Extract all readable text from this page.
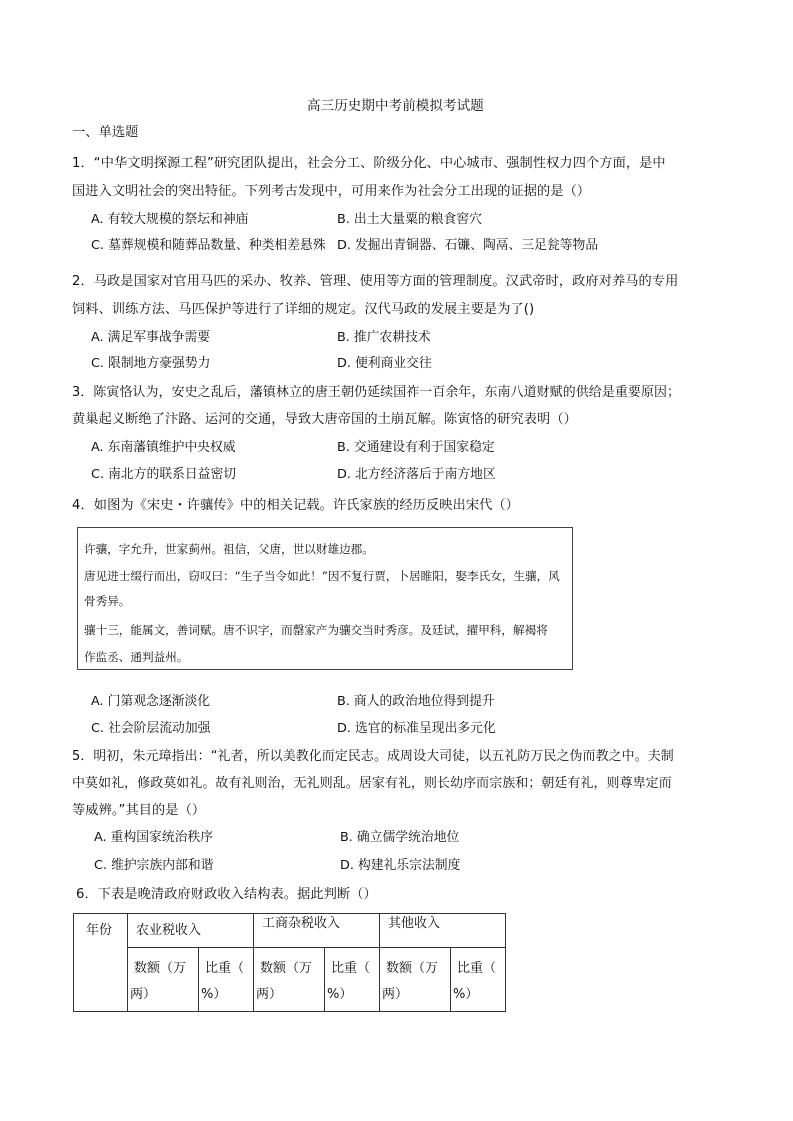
高三历史期中考前模拟考试题
一、单选题
1．“中华文明探源工程”研究团队提出，社会分工、阶级分化、中心城市、强制性权力四个方面，是中
国进入文明社会的突出特征。下列考古发现中，可用来作为社会分工出现的证据的是（）
A. 有较大规模的祭坛和神庙	B. 出土大量粟的粮食窖穴
C. 墓葬规模和随葬品数量、种类相差悬殊 D. 发掘出青铜器、石镰、陶鬲、三足瓮等物品
2．马政是国家对官用马匹的采办、牧养、管理、使用等方面的管理制度。汉武帝时，政府对养马的专用
饲料、训练方法、马匹保护等进行了详细的规定。汉代马政的发展主要是为了()
A. 满足军事战争需要	B. 推广农耕技术
C. 限制地方豪强势力	D. 便利商业交往
3．陈寅恪认为，安史之乱后，藩镇林立的唐王朝仍延续国祚一百余年，东南八道财赋的供给是重要原因；
黄巢起义断绝了汴路、运河的交通，导致大唐帝国的土崩瓦解。陈寅恪的研究表明（）
A. 东南藩镇维护中央权威	B. 交通建设有利于国家稳定
C. 南北方的联系日益密切	D. 北方经济落后于南方地区
4．如图为《宋史・许骧传》中的相关记载。许氏家族的经历反映出宋代（）
许骧，字允升，世家蓟州。祖信，父唐，世以财雄边郡。
唐见进士缀行而出，窃叹曰：“生子当令如此！”因不复行贾，卜居睢阳，娶李氏女，生骧，风
骨秀异。
骧十三，能属文，善词赋。唐不识字，而罄家产为骧交当时秀彦。及廷试，擢甲科，解褐将
作监丞、通判益州。
A. 门第观念逐渐淡化	B. 商人的政治地位得到提升
C. 社会阶层流动加强	D. 选官的标准呈现出多元化
5．明初，朱元璋指出：“礼者，所以美教化而定民志。成周设大司徒，以五礼防万民之伪而教之中。夫制
中莫如礼，修政莫如礼。故有礼则治，无礼则乱。居家有礼，则长幼序而宗族和；朝廷有礼，则尊卑定而
等威辨。”其目的是（）
A. 重构国家统治秩序	B. 确立儒学统治地位
C. 维护宗族内部和谐	D. 构建礼乐宗法制度
6．下表是晚清政府财政收入结构表。据此判断（）
年份	农业税收入		工商杂税收入		其他收入	

	数额（万
两）	比重（
%）	数额（万
两）	比重（
%）	数额（万
两）	比重（
%）
